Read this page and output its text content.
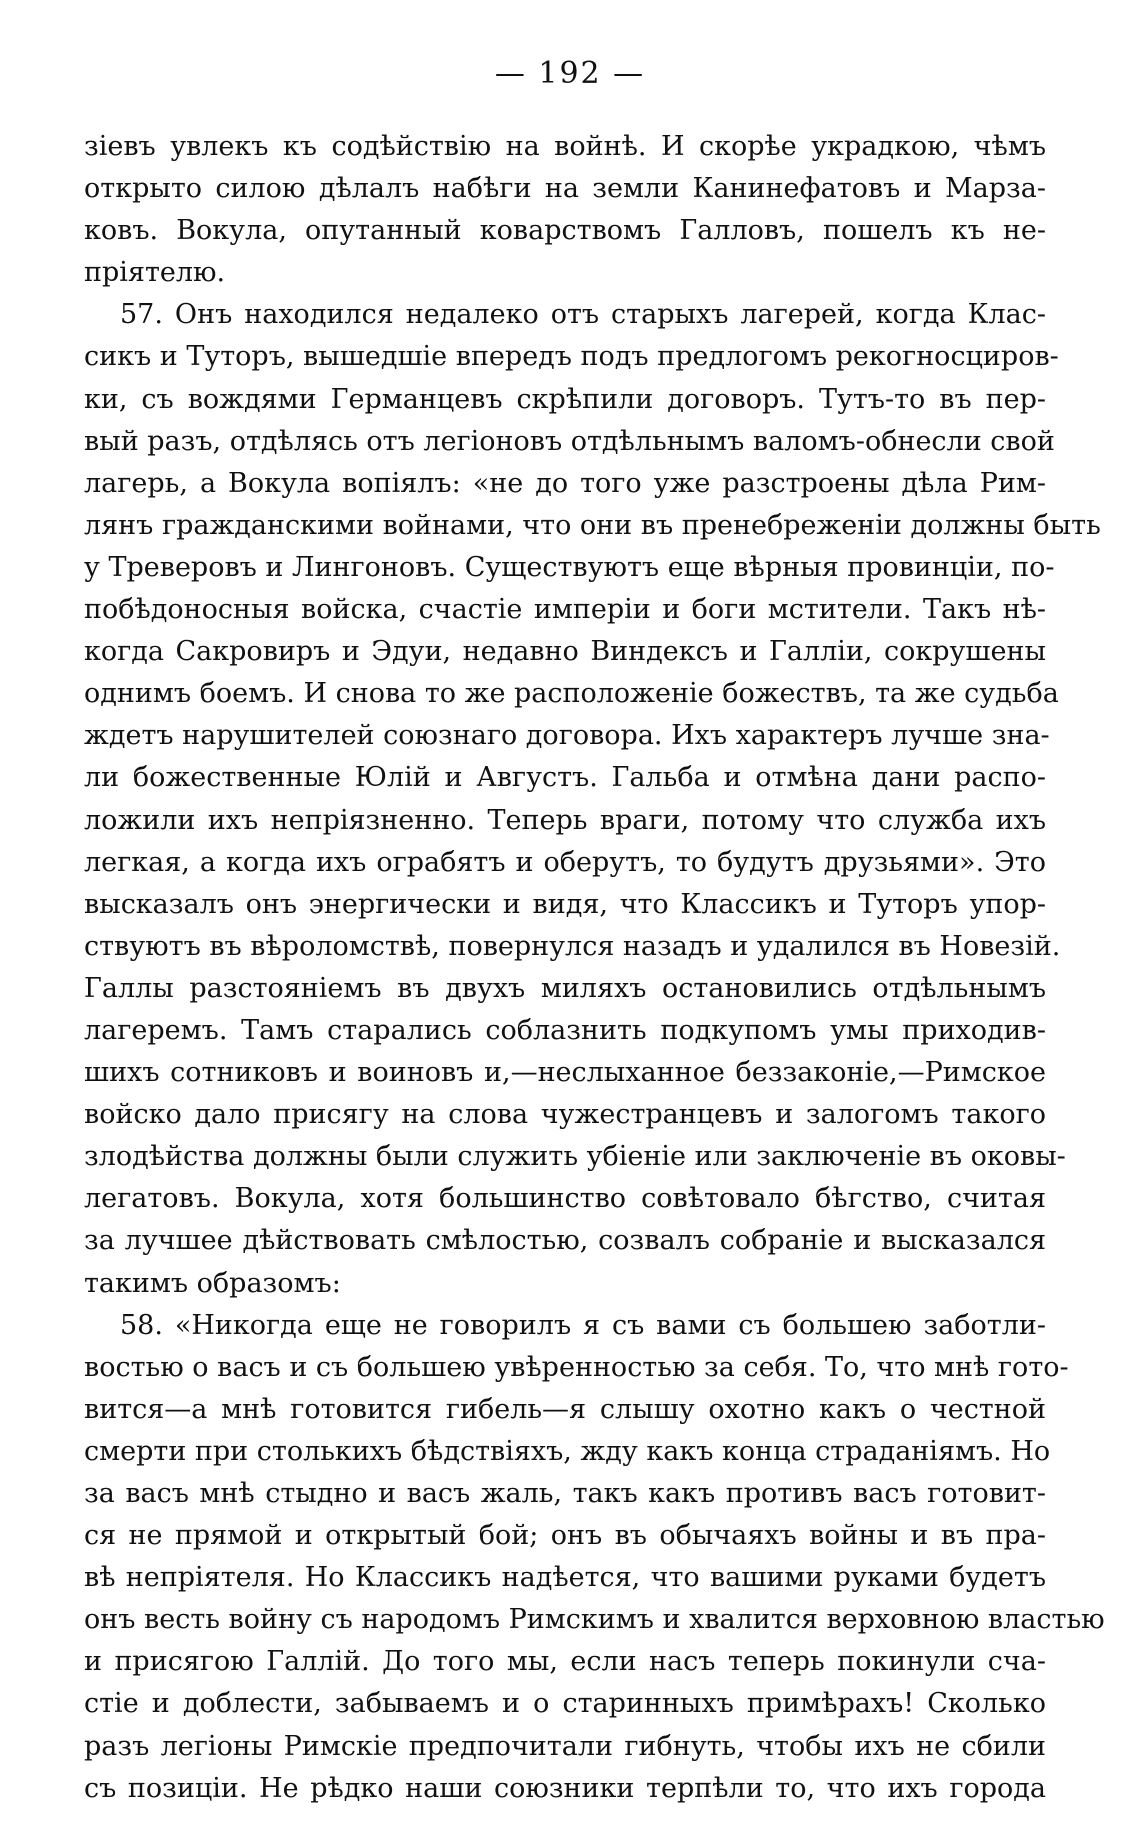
— 192 —
зіевъ увлекъ къ содѣйствію на войнѣ. И скорѣе украдкою, чѣмъ
открыто силою дѣлалъ набѣги на земли Канинефатовъ и Марза-
ковъ. Вокула, опутанный коварствомъ Галловъ, пошелъ къ не-
пріятелю.
57. Онъ находился недалеко отъ старыхъ лагерей, когда Клас-
сикъ и Туторъ, вышедшіе впередъ подъ предлогомъ рекогносциров-
ки, съ вождями Германцевъ скрѣпили договоръ. Тутъ-то въ пер-
вый разъ, отдѣлясь отъ легіоновъ отдѣльнымъ валомъ-обнесли свой
лагерь, а Вокула вопіялъ: «не до того уже разстроены дѣла Рим-
лянъ гражданскими войнами, что они въ пренебреженіи должны быть
у Треверовъ и Лингоновъ. Существуютъ еще вѣрныя провинціи, по-
побѣдоносныя войска, счастіе имперіи и боги мстители. Такъ нѣ-
когда Сакровиръ и Эдуи, недавно Виндексъ и Галліи, сокрушены
однимъ боемъ. И снова то же расположеніе божествъ, та же судьба
ждетъ нарушителей союзнаго договора. Ихъ характеръ лучше зна-
ли божественные Юлій и Августъ. Гальба и отмѣна дани распо-
ложили ихъ непріязненно. Теперь враги, потому что служба ихъ
легкая, а когда ихъ ограбятъ и оберутъ, то будутъ друзьями». Это
высказалъ онъ энергически и видя, что Классикъ и Туторъ упор-
ствуютъ въ вѣроломствѣ, повернулся назадъ и удалился въ Новезій.
Галлы разстояніемъ въ двухъ миляхъ остановились отдѣльнымъ
лагеремъ. Тамъ старались соблазнить подкупомъ умы приходив-
шихъ сотниковъ и воиновъ и,—неслыханное беззаконіе,—Римское
войско дало присягу на слова чужестранцевъ и залогомъ такого
злодѣйства должны были служить убіеніе или заключеніе въ оковы-
легатовъ. Вокула, хотя большинство совѣтовало бѣгство, считая
за лучшее дѣйствовать смѣлостью, созвалъ собраніе и высказался
такимъ образомъ:
58. «Никогда еще не говорилъ я съ вами съ большею заботли-
востью о васъ и съ большею увѣренностью за себя. То, что мнѣ гото-
вится—а мнѣ готовится гибель—я слышу охотно какъ о честной
смерти при столькихъ бѣдствіяхъ, жду какъ конца страданіямъ. Но
за васъ мнѣ стыдно и васъ жаль, такъ какъ противъ васъ готовит-
ся не прямой и открытый бой; онъ въ обычаяхъ войны и въ пра-
вѣ непріятеля. Но Классикъ надѣется, что вашими руками будетъ
онъ весть войну съ народомъ Римскимъ и хвалится верховною властью
и присягою Галлій. До того мы, если насъ теперь покинули сча-
стіе и доблести, забываемъ и о старинныхъ примѣрахъ! Сколько
разъ легіоны Римскіе предпочитали гибнуть, чтобы ихъ не сбили
съ позиціи. Не рѣдко наши союзники терпѣли то, что ихъ города
